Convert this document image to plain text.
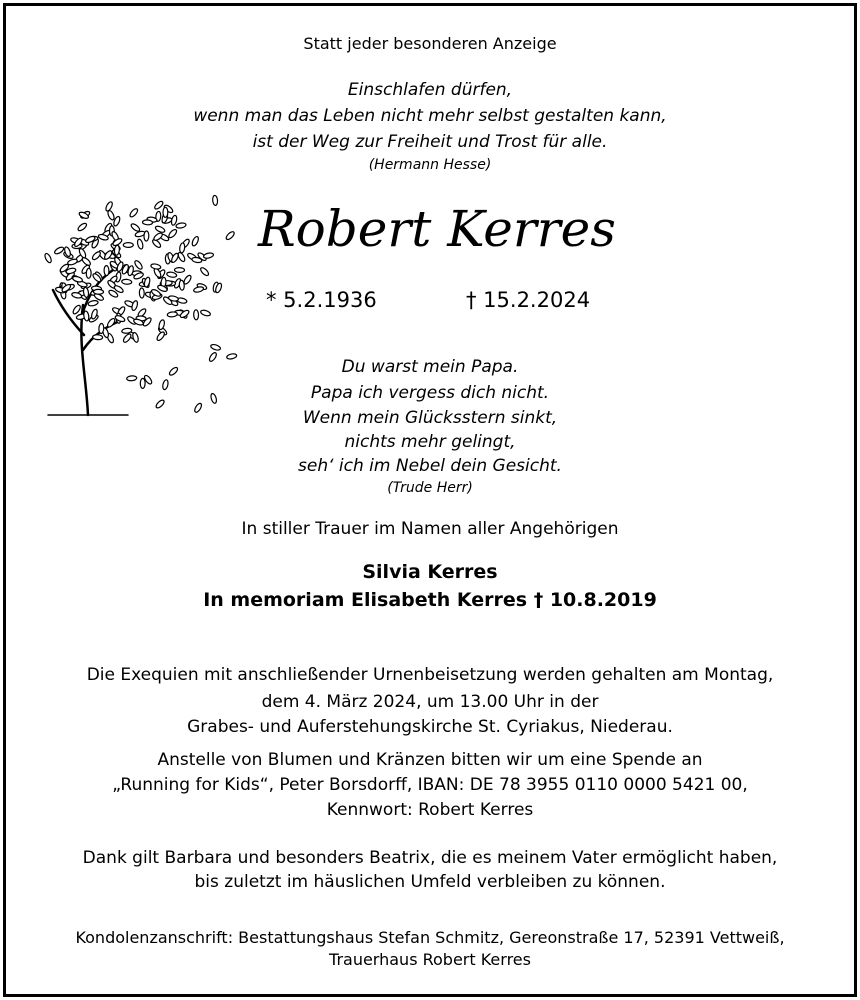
Statt jeder besonderen Anzeige
Einschlafen dürfen,
wenn man das Leben nicht mehr selbst gestalten kann,
ist der Weg zur Freiheit und Trost für alle.
(Hermann Hesse)
Robert Kerres
* 5.2.1936	† 15.2.2024
Du warst mein Papa.
Papa ich vergess dich nicht.
Wenn mein Glücksstern sinkt,
nichts mehr gelingt,
seh‘ ich im Nebel dein Gesicht.
(Trude Herr)
In stiller Trauer im Namen aller Angehörigen
Silvia Kerres
In memoriam Elisabeth Kerres † 10.8.2019
Die Exequien mit anschließender Urnenbeisetzung werden gehalten am Montag,
dem 4. März 2024, um 13.00 Uhr in der
Grabes- und Auferstehungskirche St. Cyriakus, Niederau.
Anstelle von Blumen und Kränzen bitten wir um eine Spende an
„Running for Kids“, Peter Borsdorff, IBAN: DE 78 3955 0110 0000 5421 00,
Kennwort: Robert Kerres
Dank gilt Barbara und besonders Beatrix, die es meinem Vater ermöglicht haben,
bis zuletzt im häuslichen Umfeld verbleiben zu können.
Kondolenzanschrift: Bestattungshaus Stefan Schmitz, Gereonstraße 17, 52391 Vettweiß,
Trauerhaus Robert Kerres
